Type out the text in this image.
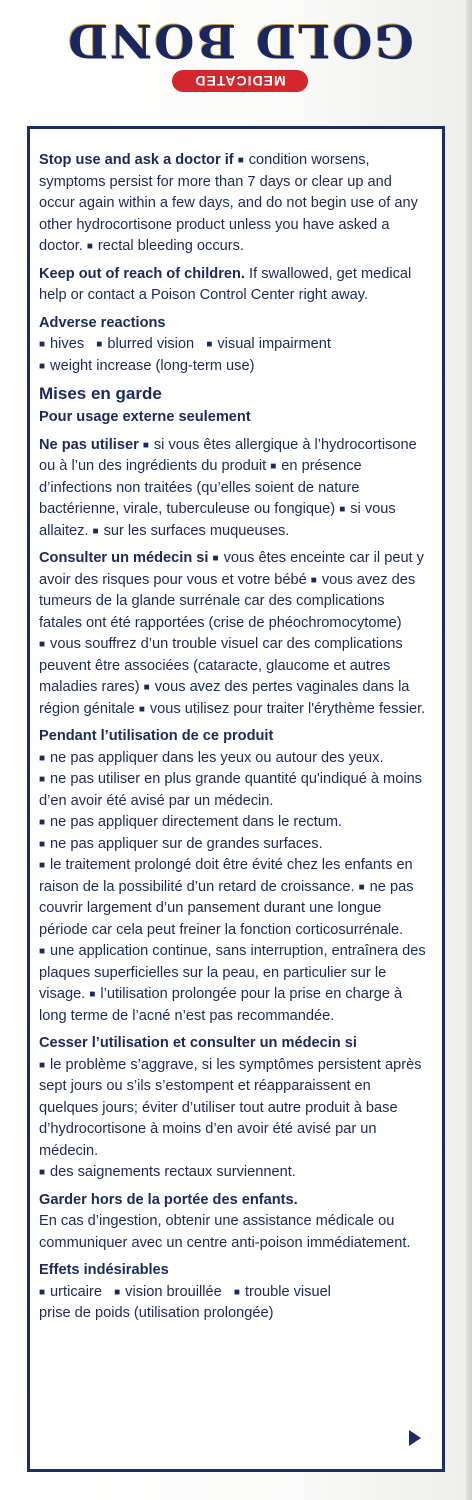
MEDICATED
GOLD BOND

Stop use and ask a doctor if ■ condition worsens, symptoms persist for more than 7 days or clear up and occur again within a few days, and do not begin use of any other hydrocortisone product unless you have asked a doctor. ■ rectal bleeding occurs.

Keep out of reach of children. If swallowed, get medical help or contact a Poison Control Center right away.

Adverse reactions
■ hives ■ blurred vision ■ visual impairment
■ weight increase (long-term use)

Mises en garde

Pour usage externe seulement

Ne pas utiliser ■ si vous êtes allergique à l’hydrocortisone ou à l’un des ingrédients du produit ■ en présence d’infections non traitées (qu’elles soient de nature bactérienne, virale, tuberculeuse ou fongique) ■ si vous allaitez. ■ sur les surfaces muqueuses.

Consulter un médecin si ■ vous êtes enceinte car il peut y avoir des risques pour vous et votre bébé ■ vous avez des tumeurs de la glande surrénale car des complications fatales ont été rapportées (crise de phéochromocytome) ■ vous souffrez d’un trouble visuel car des complications peuvent être associées (cataracte, glaucome et autres maladies rares) ■ vous avez des pertes vaginales dans la région génitale ■ vous utilisez pour traiter l'érythème fessier.

Pendant l’utilisation de ce produit
■ ne pas appliquer dans les yeux ou autour des yeux.
■ ne pas utiliser en plus grande quantité qu'indiqué à moins d’en avoir été avisé par un médecin.
■ ne pas appliquer directement dans le rectum.
■ ne pas appliquer sur de grandes surfaces.
■ le traitement prolongé doit être évité chez les enfants en raison de la possibilité d’un retard de croissance. ■ ne pas couvrir largement d’un pansement durant une longue période car cela peut freiner la fonction corticosurrénale. ■ une application continue, sans interruption, entraînera des plaques superficielles sur la peau, en particulier sur le visage. ■ l’utilisation prolongée pour la prise en charge à long terme de l’acné n’est pas recommandée.

Cesser l’utilisation et consulter un médecin si
■ le problème s’aggrave, si les symptômes persistent après sept jours ou s’ils s’estompent et réapparaissent en quelques jours; éviter d’utiliser tout autre produit à base d’hydrocortisone à moins d’en avoir été avisé par un médecin.
■ des saignements rectaux surviennent.

Garder hors de la portée des enfants.
En cas d’ingestion, obtenir une assistance médicale ou communiquer avec un centre anti-poison immédiatement.

Effets indésirables
■ urticaire ■ vision brouillée ■ trouble visuel
prise de poids (utilisation prolongée)
